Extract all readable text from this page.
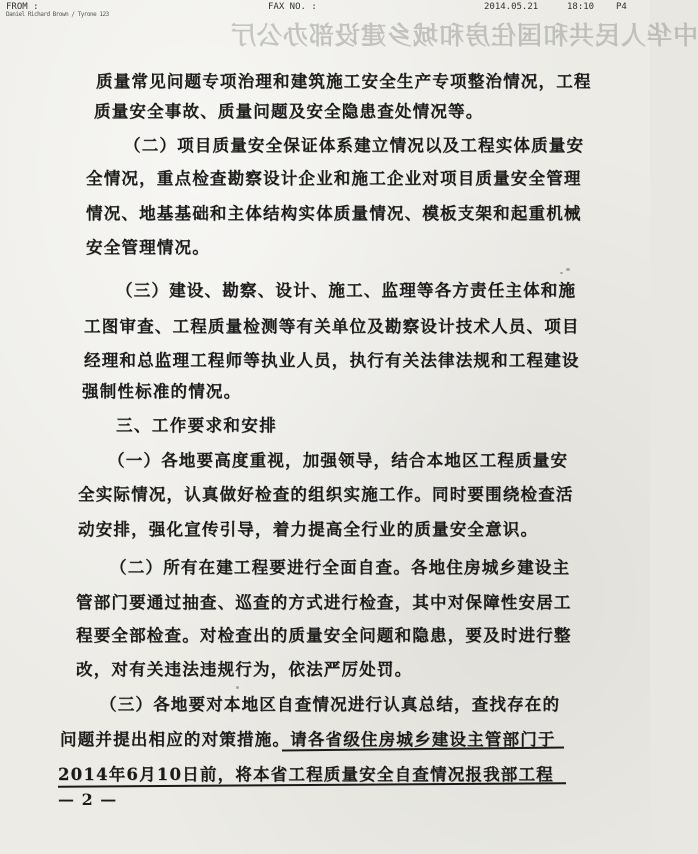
FROM :
Daniel Richard Brown / Tyrone 123
FAX NO. :	2014.05.21	18:10 P4
中华人民共和国住房和城乡建设部办公厅
质量常见问题专项治理和建筑施工安全生产专项整治情况，工程
质量安全事故、质量问题及安全隐患查处情况等。
（二）项目质量安全保证体系建立情况以及工程实体质量安
全情况，重点检查勘察设计企业和施工企业对项目质量安全管理
情况、地基基础和主体结构实体质量情况、模板支架和起重机械
安全管理情况。
（三）建设、勘察、设计、施工、监理等各方责任主体和施
工图审查、工程质量检测等有关单位及勘察设计技术人员、项目
经理和总监理工程师等执业人员，执行有关法律法规和工程建设
强制性标准的情况。
三、工作要求和安排
（一）各地要高度重视，加强领导，结合本地区工程质量安
全实际情况，认真做好检查的组织实施工作。同时要围绕检查活
动安排，强化宣传引导，着力提高全行业的质量安全意识。
（二）所有在建工程要进行全面自查。各地住房城乡建设主
管部门要通过抽查、巡查的方式进行检查，其中对保障性安居工
程要全部检查。对检查出的质量安全问题和隐患，要及时进行整
改，对有关违法违规行为，依法严厉处罚。
（三）各地要对本地区自查情况进行认真总结，查找存在的
问题并提出相应的对策措施。请各省级住房城乡建设主管部门于
2014年6月10日前，将本省工程质量安全自查情况报我部工程
— 2 —
